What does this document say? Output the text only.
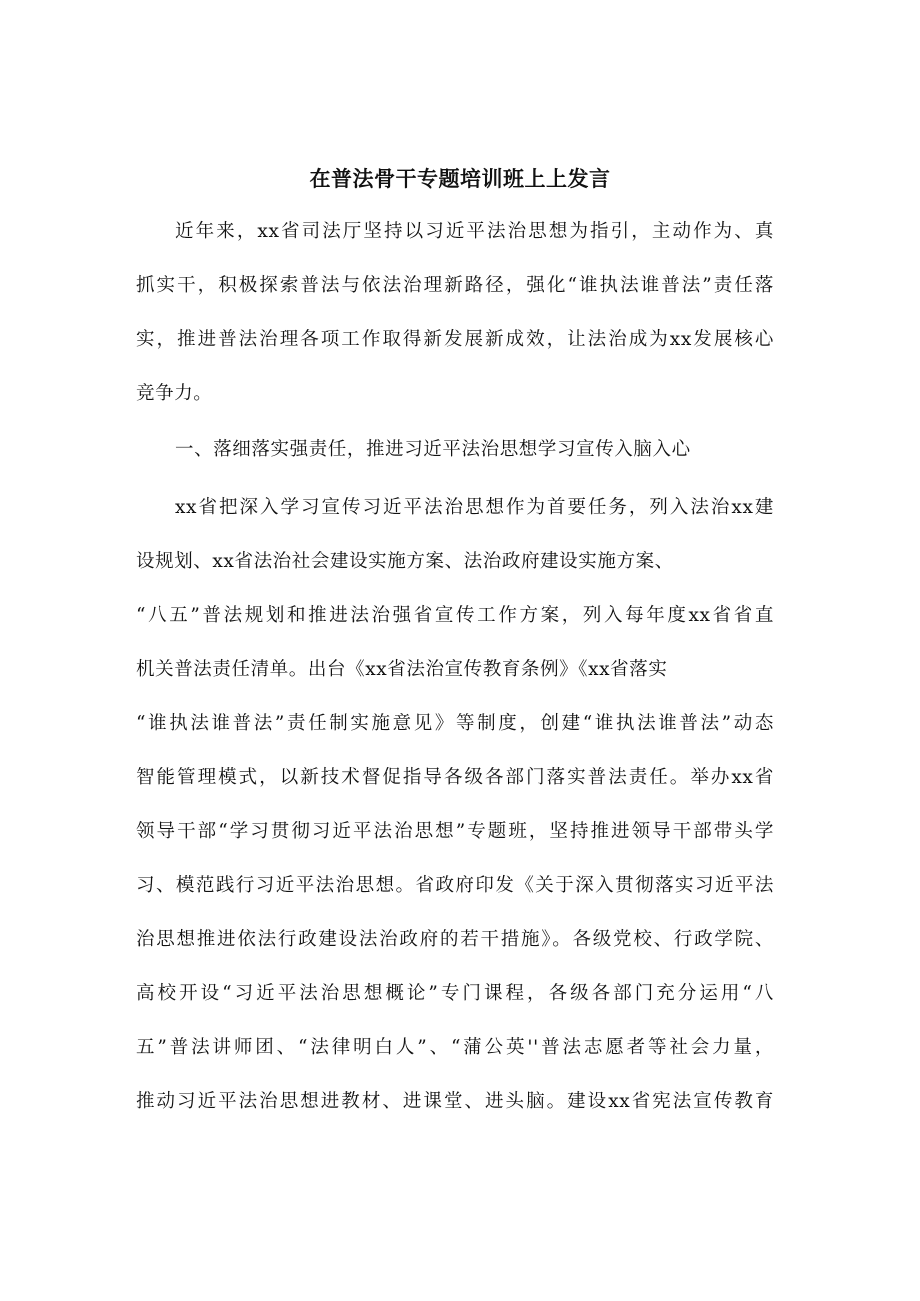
在普法骨干专题培训班上上发言
近年来，xx省司法厅坚持以习近平法治思想为指引，主动作为、真
抓实干，积极探索普法与依法治理新路径，强化“谁执法谁普法”责任落
实，推进普法治理各项工作取得新发展新成效，让法治成为xx发展核心
竞争力。
一、落细落实强责任，推进习近平法治思想学习宣传入脑入心
xx省把深入学习宣传习近平法治思想作为首要任务，列入法治xx建
设规划、xx省法治社会建设实施方案、法治政府建设实施方案、
“八五”普法规划和推进法治强省宣传工作方案，列入每年度xx省省直
机关普法责任清单。出台《xx省法治宣传教育条例》《xx省落实
“谁执法谁普法”责任制实施意见》等制度，创建“谁执法谁普法”动态
智能管理模式，以新技术督促指导各级各部门落实普法责任。举办xx省
领导干部“学习贯彻习近平法治思想”专题班，坚持推进领导干部带头学
习、模范践行习近平法治思想。省政府印发《关于深入贯彻落实习近平法
治思想推进依法行政建设法治政府的若干措施》。各级党校、行政学院、
高校开设“习近平法治思想概论”专门课程，各级各部门充分运用“八
五”普法讲师团、“法律明白人”、“蒲公英''普法志愿者等社会力量，
推动习近平法治思想进教材、进课堂、进头脑。建设xx省宪法宣传教育
